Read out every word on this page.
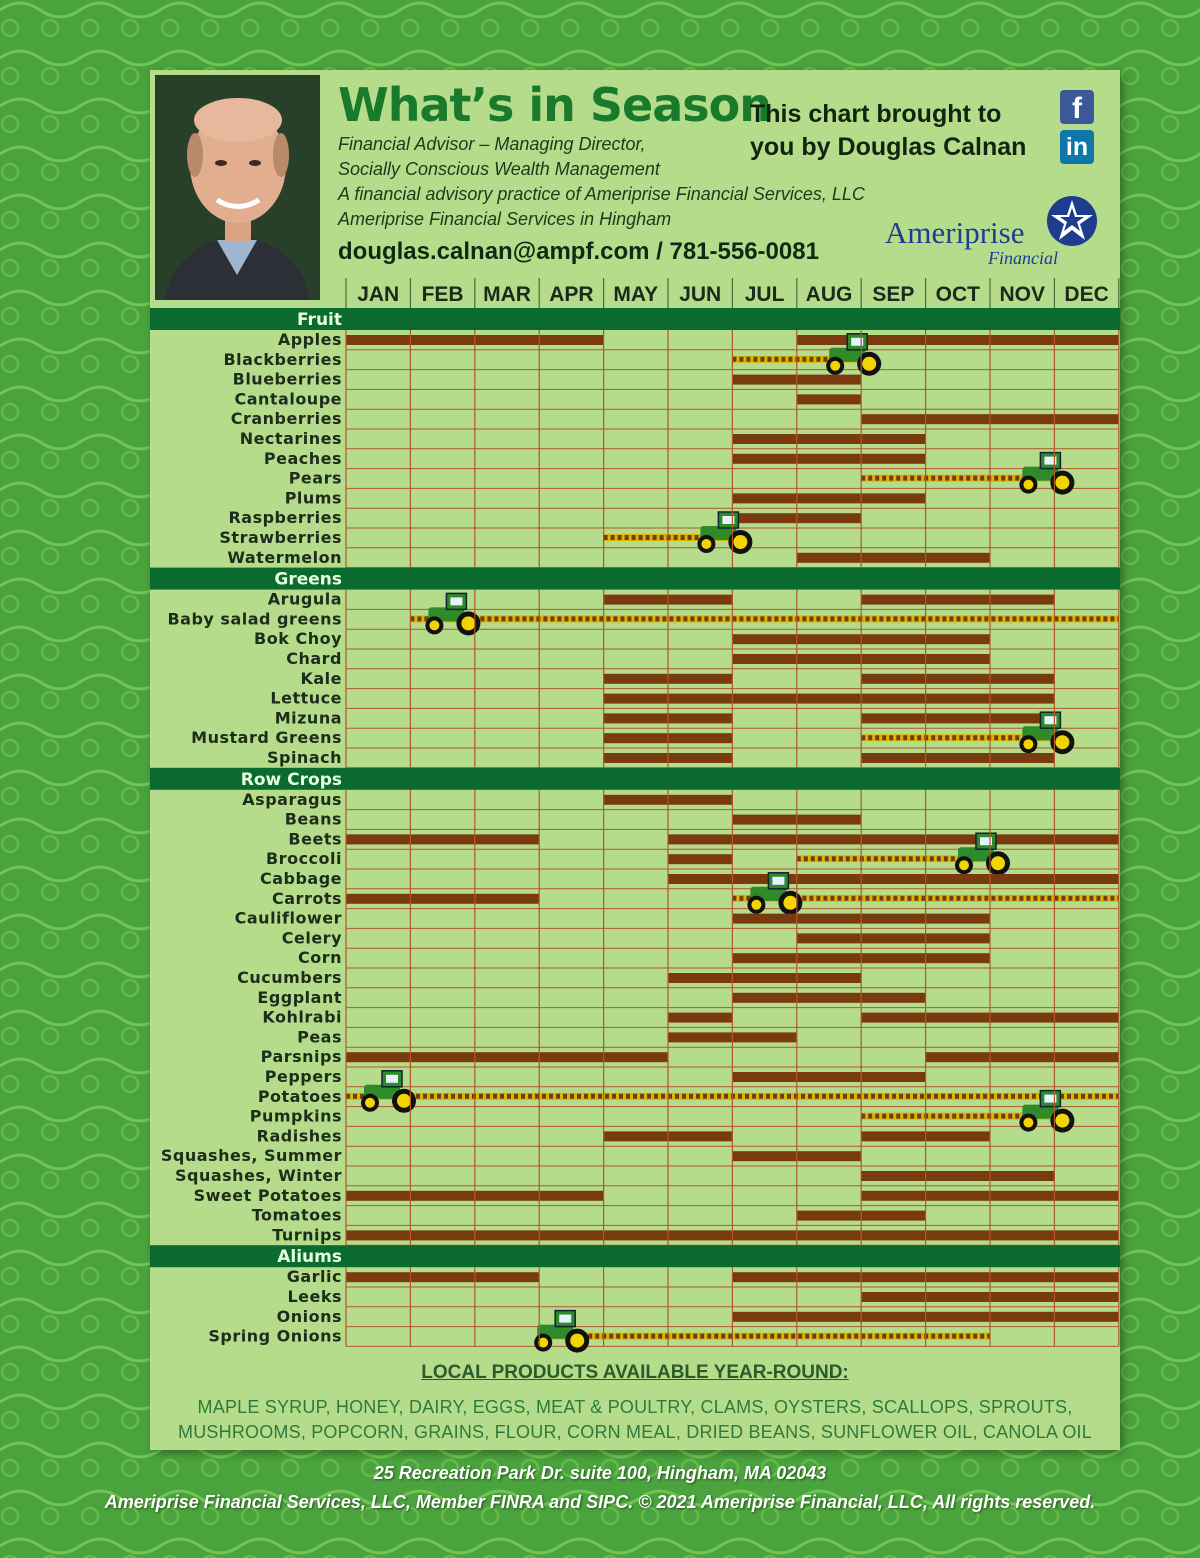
What’s in Season
Financial Advisor – Managing Director,
Socially Conscious Wealth Management
A financial advisory practice of Ameriprise Financial Services, LLC
Ameriprise Financial Services in Hingham
douglas.calnan@ampf.com / 781-556-0081
This chart brought to
you by Douglas Calnan
f
in
Ameriprise
Financial
JAN FEB MAR APR MAY JUN JUL AUG SEP OCT NOV DEC
Fruit
Apples
Blackberries
Blueberries
Cantaloupe
Cranberries
Nectarines
Peaches
Pears
Plums
Raspberries
Strawberries
Watermelon
Greens
Arugula
Baby salad greens
Bok Choy
Chard
Kale
Lettuce
Mizuna
Mustard Greens
Spinach
Row Crops
Asparagus
Beans
Beets
Broccoli
Cabbage
Carrots
Cauliflower
Celery
Corn
Cucumbers
Eggplant
Kohlrabi
Peas
Parsnips
Peppers
Potatoes
Pumpkins
Radishes
Squashes, Summer
Squashes, Winter
Sweet Potatoes
Tomatoes
Turnips
Aliums
Garlic
Leeks
Onions
Spring Onions
LOCAL PRODUCTS AVAILABLE YEAR-ROUND:
MAPLE SYRUP, HONEY, DAIRY, EGGS, MEAT & POULTRY, CLAMS, OYSTERS, SCALLOPS, SPROUTS,
MUSHROOMS, POPCORN, GRAINS, FLOUR, CORN MEAL, DRIED BEANS, SUNFLOWER OIL, CANOLA OIL
25 Recreation Park Dr. suite 100, Hingham, MA 02043
Ameriprise Financial Services, LLC, Member FINRA and SIPC. © 2021 Ameriprise Financial, LLC, All rights reserved.
